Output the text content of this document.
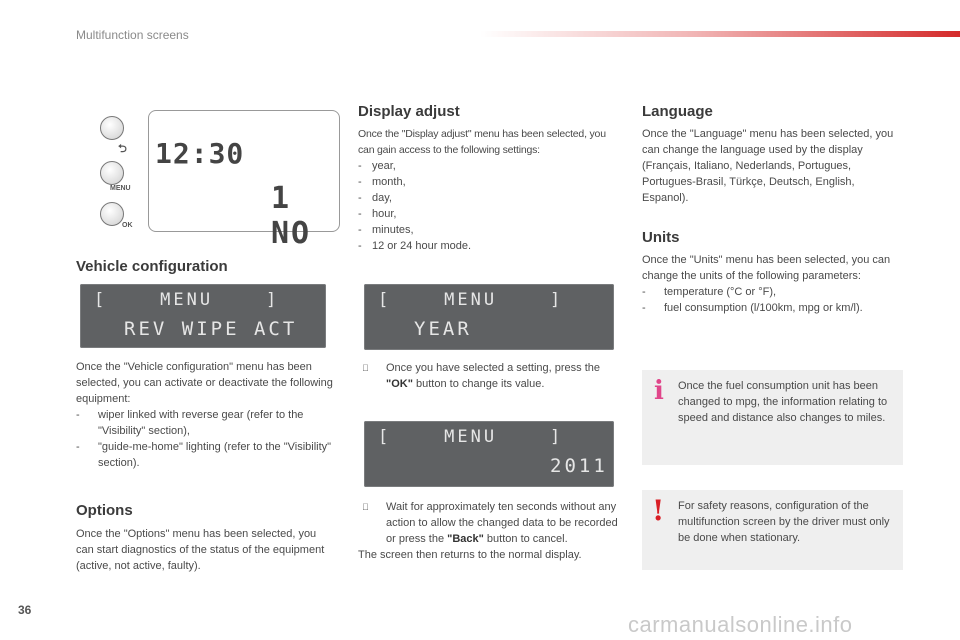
Multifunction screens
⮌
MENU
OK
12:30
1 NO
Vehicle configuration
[    MENU    ]
REV WIPE ACT

Once the "Vehicle configuration" menu has been selected, you can activate or deactivate the following equipment:

- wiper linked with reverse gear (refer to the "Visibility" section),
- "guide-me-home" lighting (refer to the "Visibility" section).
Options
Once the "Options" menu has been selected, you can start diagnostics of the status of the equipment (active, not active, faulty).
Display adjust

Once the "Display adjust" menu has been selected, you can gain access to the following settings:

- year,
- month,
- day,
- hour,
- minutes,
- 12 or 24 hour mode.
[    MENU    ]
YEAR
Once you have selected a setting, press the "OK" button to change its value.
[    MENU    ]
2011
Wait for approximately ten seconds without any action to allow the changed data to be recorded or press the "Back" button to cancel.

The screen then returns to the normal display.

Language
Once the "Language" menu has been selected, you can change the language used by the display (Français, Italiano, Nederlands, Portugues, Portugues-Brasil, Türkçe, Deutsch, English, Espanol).
Units

Once the "Units" menu has been selected, you can change the units of the following parameters:

- temperature (°C or °F),
- fuel consumption (l/100km, mpg or km/l).
i Once the fuel consumption unit has been changed to mpg, the information relating to speed and distance also changes to miles.
! For safety reasons, configuration of the multifunction screen by the driver must only be done when stationary.
36
carmanualsonline.info
